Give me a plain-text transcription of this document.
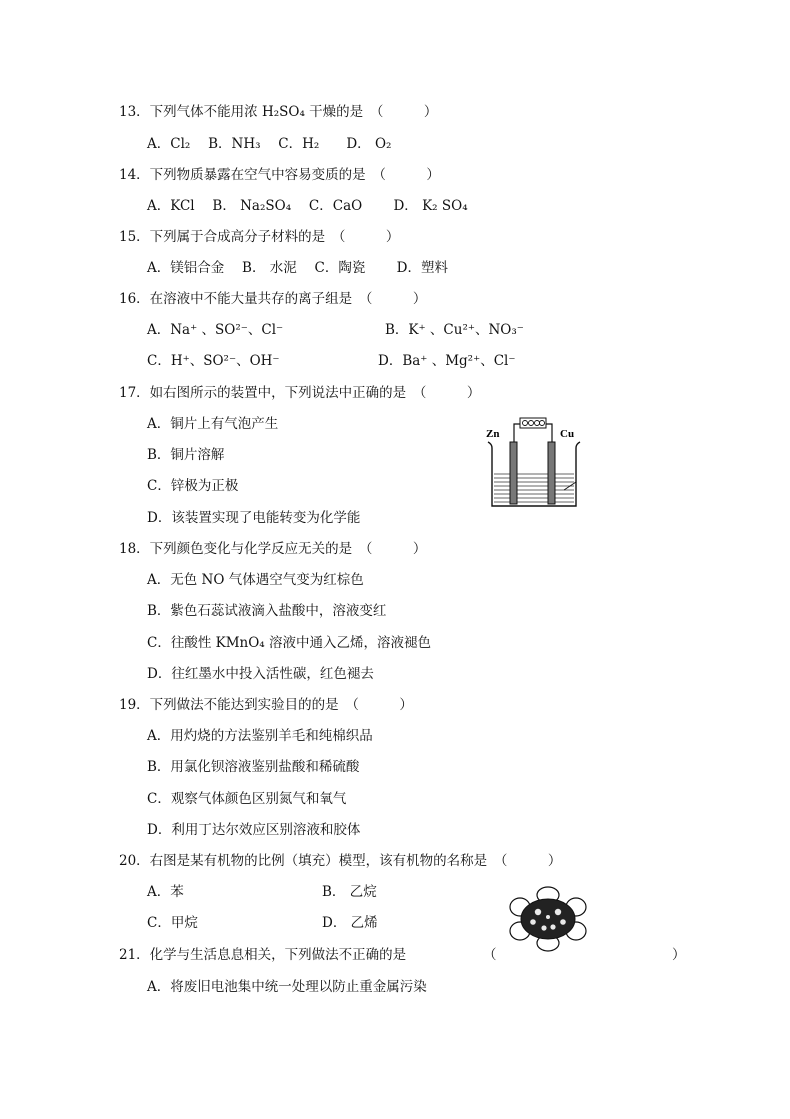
13．下列气体不能用浓 H₂SO₄ 干燥的是　（　　　）
A．Cl₂　 B．NH₃　 C．H₂　　D． O₂
14．下列物质暴露在空气中容易变质的是　（　　　）
A．KCl　 B． Na₂SO₄　 C．CaO　　 D． K₂ SO₄
15．下列属于合成高分子材料的是　（　　　）
A．镁铝合金　 B． 水泥　 C．陶瓷　　 D．塑料
16．在溶液中不能大量共存的离子组是　（　　　）
A．Na⁺ 、SO²⁻、Cl⁻	B．K⁺ 、Cu²⁺、NO₃⁻
C．H⁺、SO²⁻、OH⁻	D．Ba⁺ 、Mg²⁺、Cl⁻
17．如右图所示的装置中，下列说法中正确的是　（　　　）
A．铜片上有气泡产生
B．铜片溶解
C．锌极为正极
D．该装置实现了电能转变为化学能
Zn	Cu
18．下列颜色变化与化学反应无关的是　（　　　）
A．无色 NO 气体遇空气变为红棕色
B．紫色石蕊试液滴入盐酸中，溶液变红
C．往酸性 KMnO₄ 溶液中通入乙烯，溶液褪色
D．往红墨水中投入活性碳，红色褪去
19．下列做法不能达到实验目的的是　（　　　）
A．用灼烧的方法鉴别羊毛和纯棉织品
B．用氯化钡溶液鉴别盐酸和稀硫酸
C．观察气体颜色区别氮气和氧气
D．利用丁达尔效应区别溶液和胶体
20．右图是某有机物的比例（填充）模型，该有机物的名称是　（　　　）
A．苯	B． 乙烷
C．甲烷	D． 乙烯
21．化学与生活息息相关，下列做法不正确的是	（　　　　　　　　　　　　　）
A．将废旧电池集中统一处理以防止重金属污染
